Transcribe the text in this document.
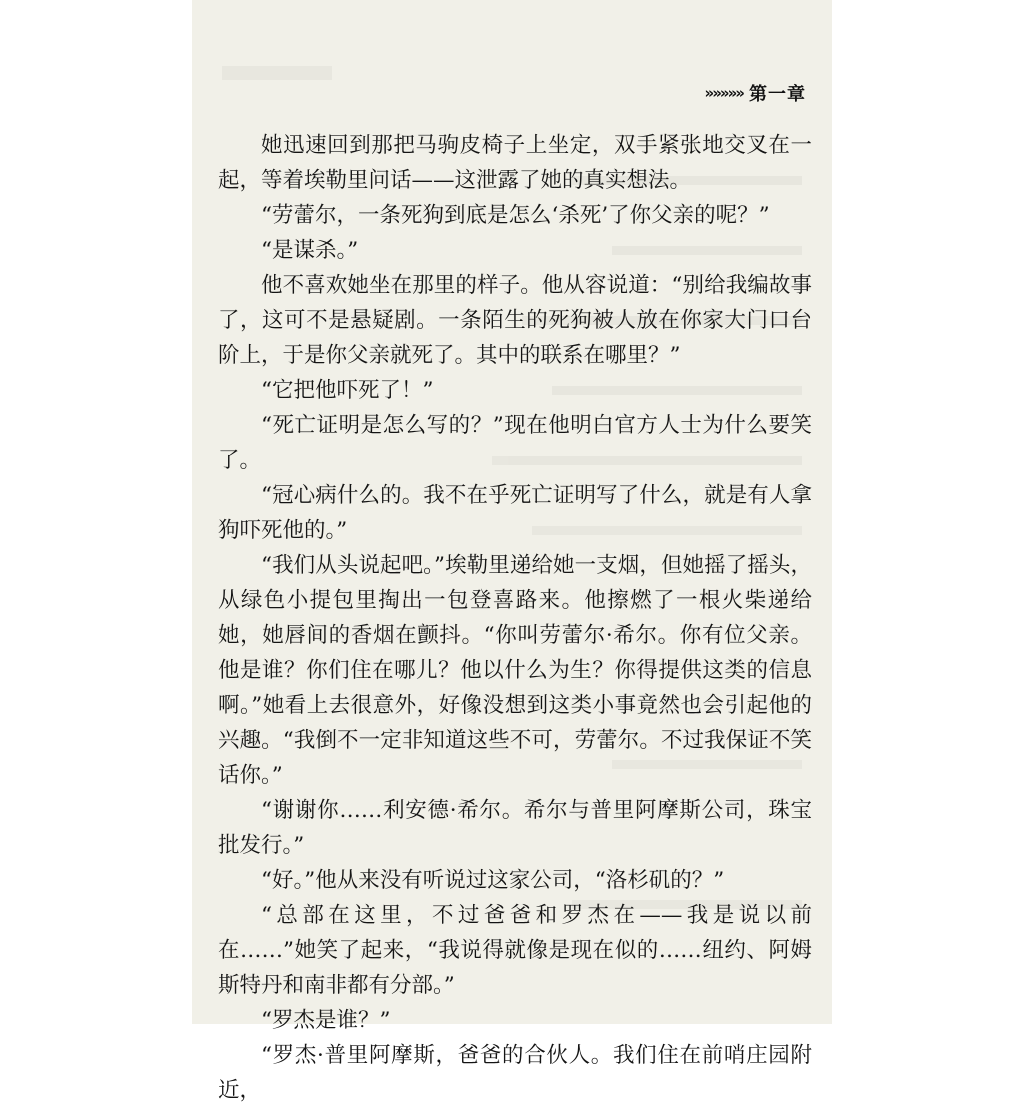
»»»»» 第一章

她迅速回到那把马驹皮椅子上坐定，双手紧张地交叉在一起，等着埃勒里问话——这泄露了她的真实想法。

“劳蕾尔，一条死狗到底是怎么‘杀死’了你父亲的呢？”

“是谋杀。”

他不喜欢她坐在那里的样子。他从容说道：“别给我编故事了，这可不是悬疑剧。一条陌生的死狗被人放在你家大门口台阶上，于是你父亲就死了。其中的联系在哪里？”

“它把他吓死了！”

“死亡证明是怎么写的？”现在他明白官方人士为什么要笑了。

“冠心病什么的。我不在乎死亡证明写了什么，就是有人拿狗吓死他的。”

“我们从头说起吧。”埃勒里递给她一支烟，但她摇了摇头，从绿色小提包里掏出一包登喜路来。他擦燃了一根火柴递给她，她唇间的香烟在颤抖。“你叫劳蕾尔·希尔。你有位父亲。他是谁？你们住在哪儿？他以什么为生？你得提供这类的信息啊。”她看上去很意外，好像没想到这类小事竟然也会引起他的兴趣。“我倒不一定非知道这些不可，劳蕾尔。不过我保证不笑话你。”

“谢谢你……利安德·希尔。希尔与普里阿摩斯公司，珠宝批发行。”

“好。”他从来没有听说过这家公司，“洛杉矶的？”

“总部在这里，不过爸爸和罗杰在——我是说以前在……”她笑了起来，“我说得就像是现在似的……纽约、阿姆斯特丹和南非都有分部。”

“罗杰是谁？”

“罗杰·普里阿摩斯，爸爸的合伙人。我们住在前哨庄园附近，
